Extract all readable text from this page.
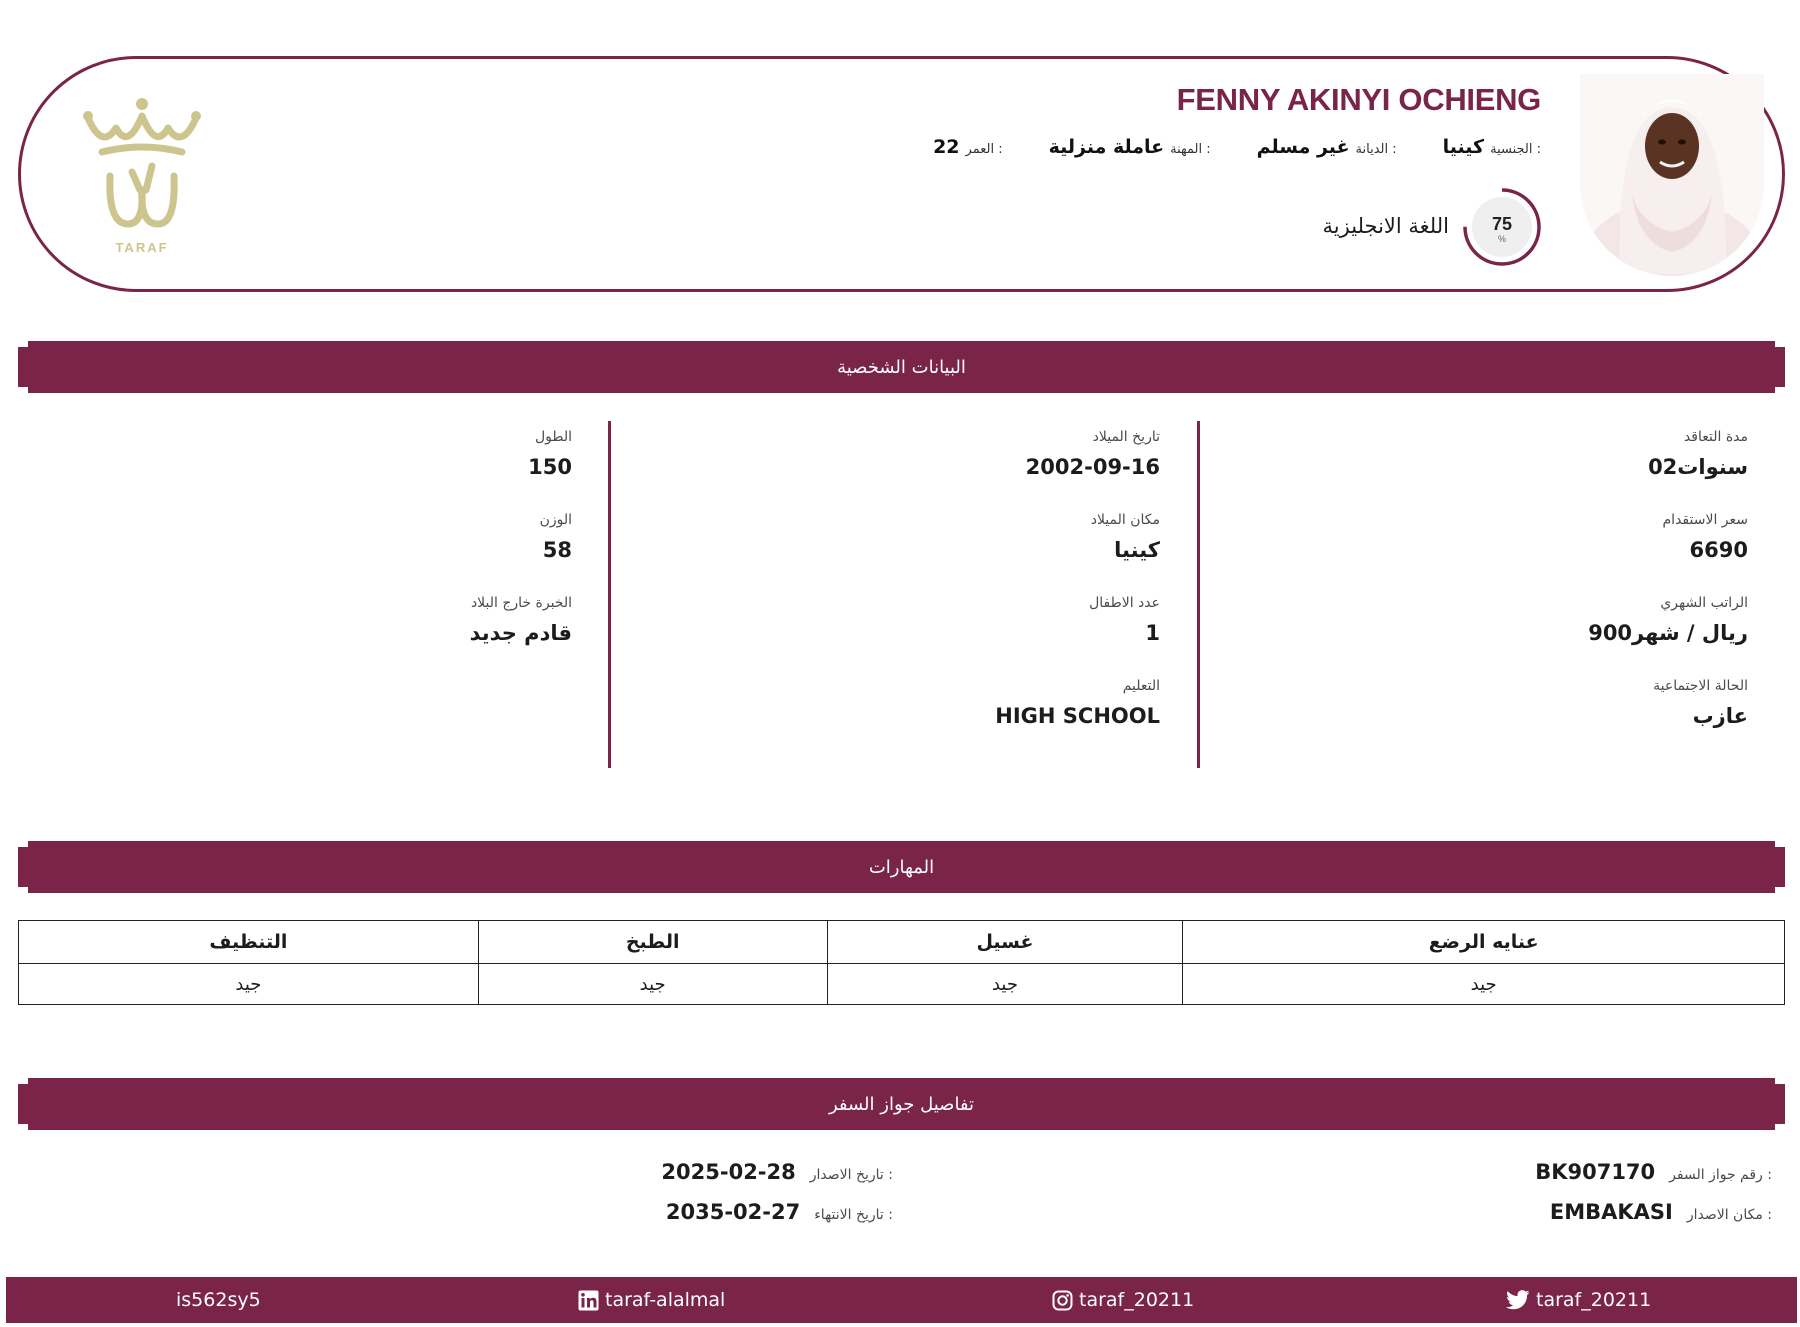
FENNY AKINYI OCHIENG
الجنسية :
كينيا
الديانة :
غير مسلم
المهنة :
عاملة منزلية
العمر :
22
75
%
اللغة الانجليزية
TARAF
البيانات الشخصية
مدة التعاقد
02سنوات
سعر الاستقدام
6690
الراتب الشهري
900ريال / شهر
الحالة الاجتماعية
عازب
تاريخ الميلاد
2002-09-16
مكان الميلاد
كينيا
عدد الاطفال
1
التعليم
HIGH SCHOOL
الطول
150
الوزن
58
الخبرة خارج البلاد
قادم جديد
المهارات
عنايه الرضع	غسيل	الطبخ	التنظيف
جيد	جيد	جيد	جيد
تفاصيل جواز السفر
رقم جواز السفر :
BK907170
مكان الاصدار :
EMBAKASI
تاريخ الاصدار :
2025-02-28
تاريخ الانتهاء :
2035-02-27
taraf_20211
taraf_20211
taraf-alalmal
is562sy5
